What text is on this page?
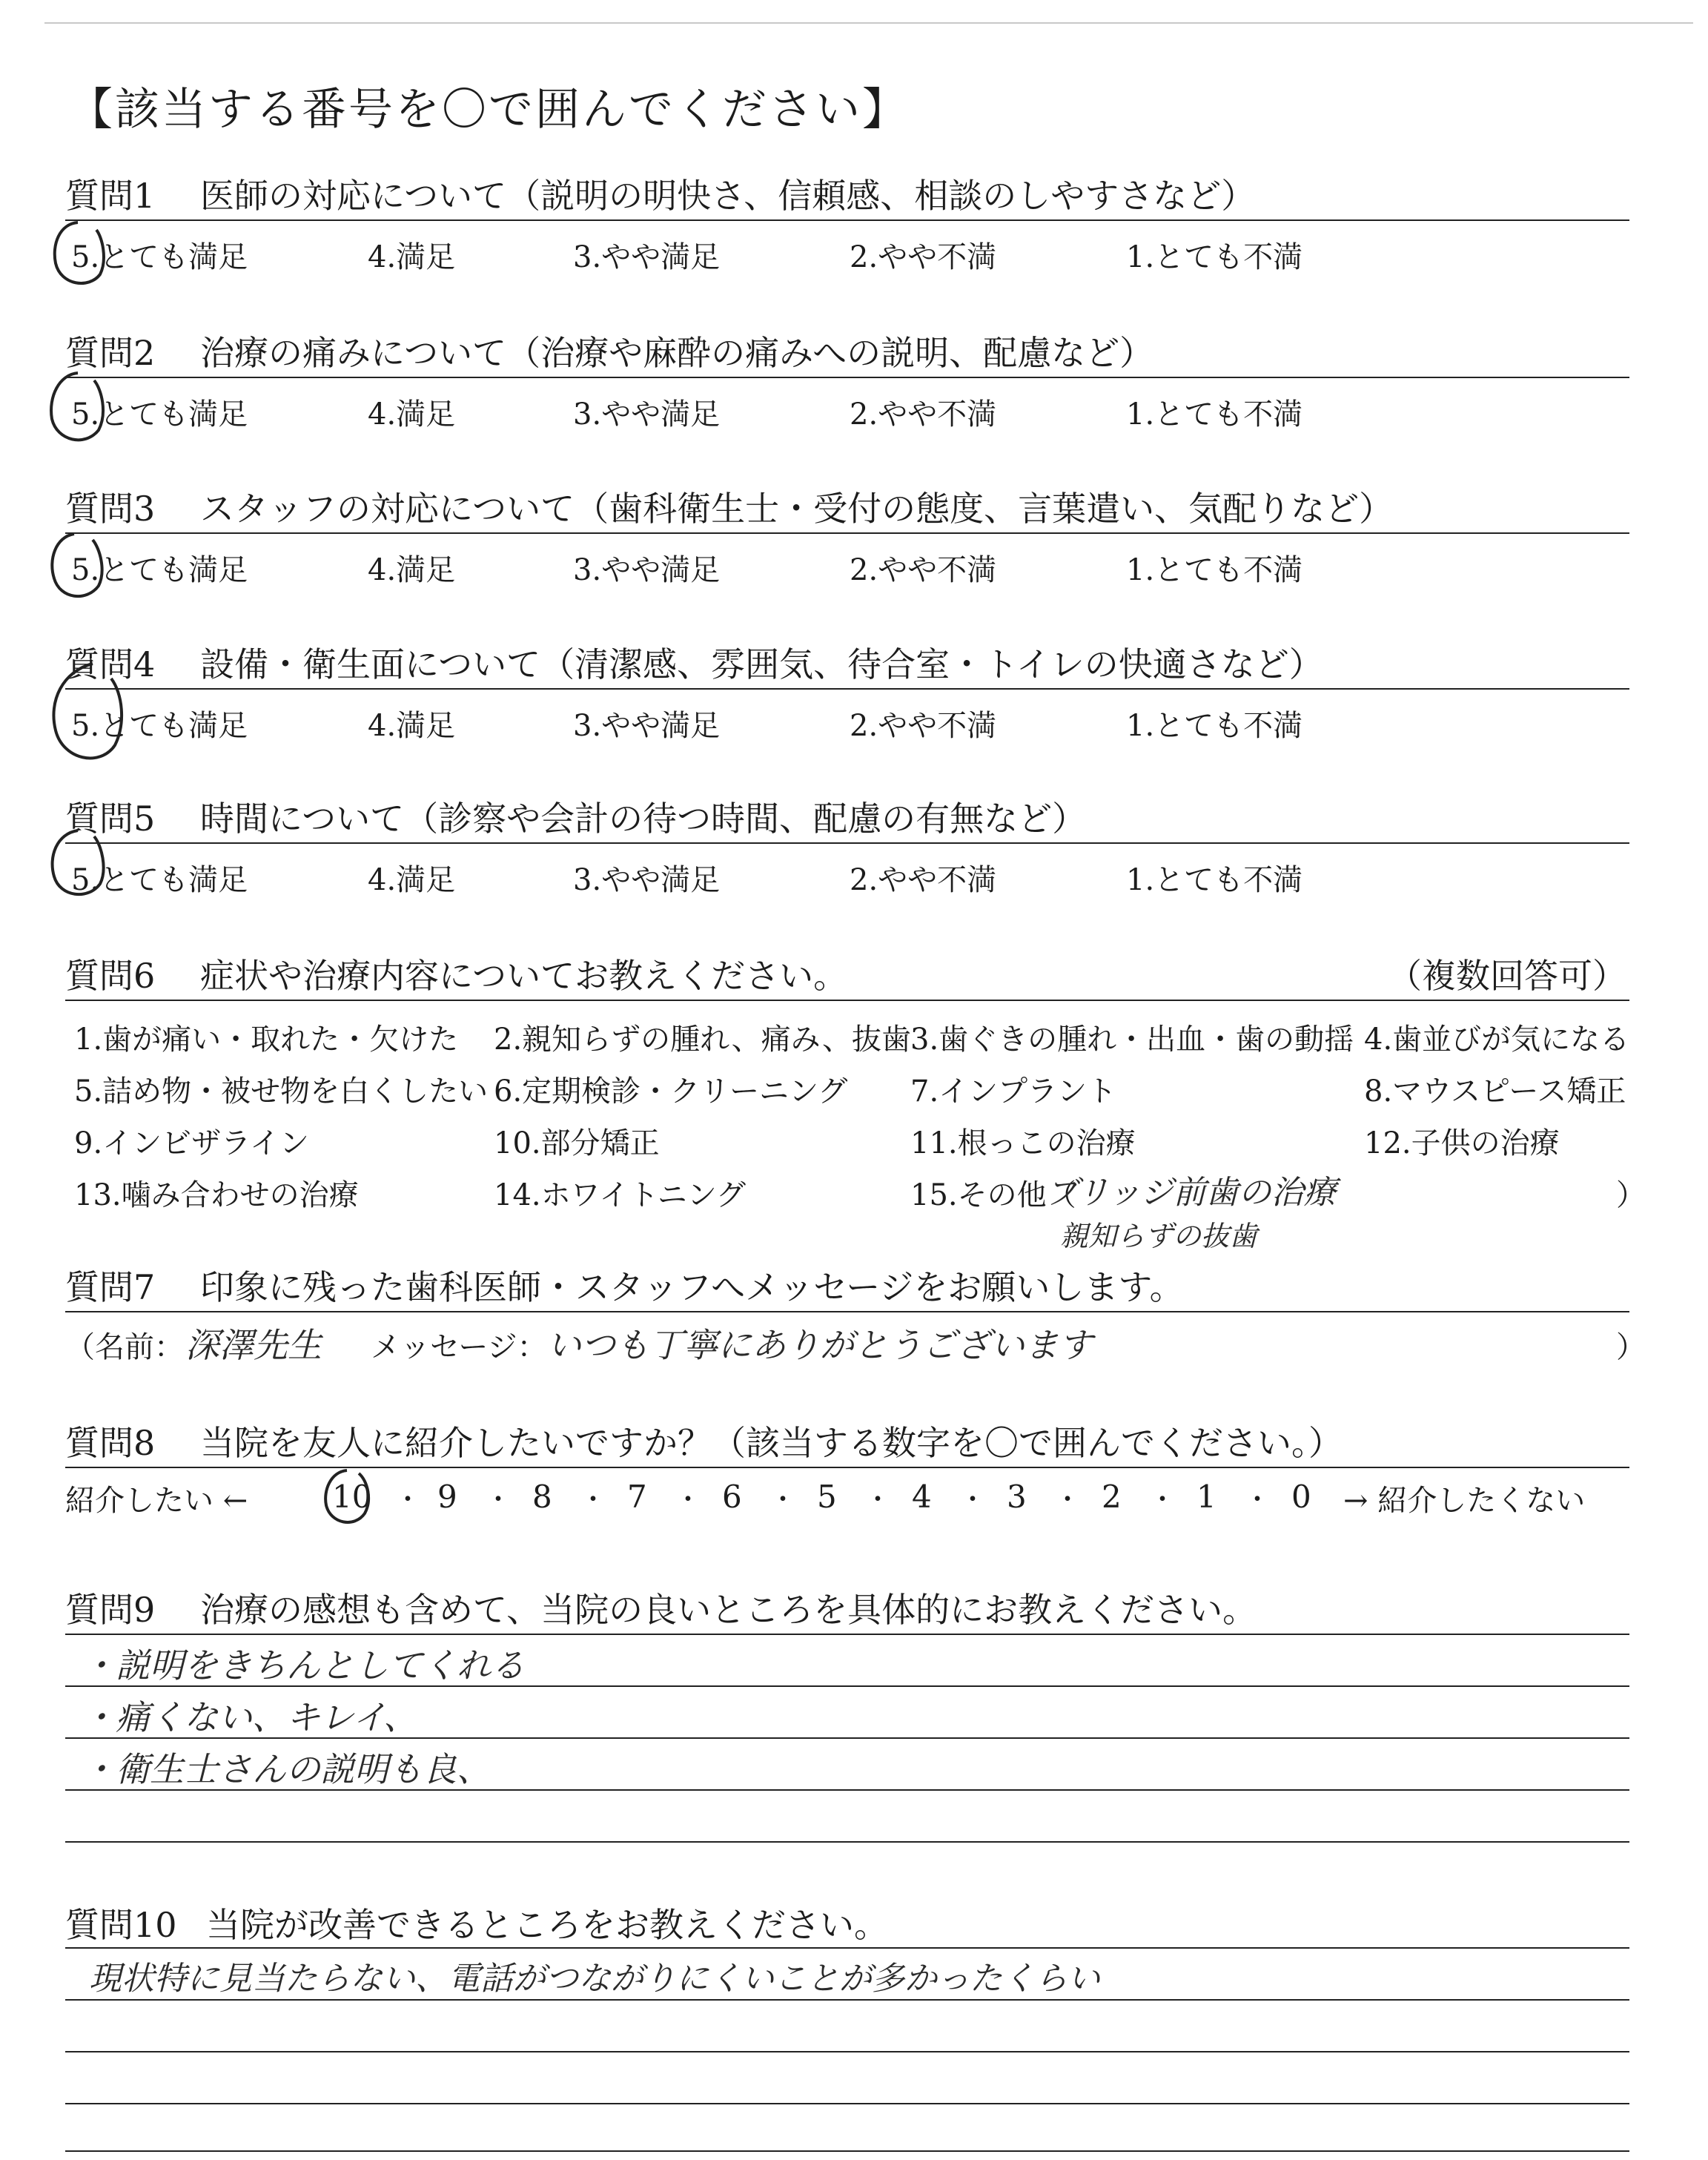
【該当する番号を〇で囲んでください】
質問1 医師の対応について（説明の明快さ、信頼感、相談のしやすさなど）
5.とても満足	4.満足	3.やや満足	2.やや不満	1.とても不満
質問2 治療の痛みについて（治療や麻酔の痛みへの説明、配慮など）
5.とても満足	4.満足	3.やや満足	2.やや不満	1.とても不満
質問3 スタッフの対応について（歯科衛生士・受付の態度、言葉遣い、気配りなど）
5.とても満足	4.満足	3.やや満足	2.やや不満	1.とても不満
質問4 設備・衛生面について（清潔感、雰囲気、待合室・トイレの快適さなど）
5.とても満足	4.満足	3.やや満足	2.やや不満	1.とても不満
質問5 時間について（診察や会計の待つ時間、配慮の有無など）
5.とても満足	4.満足	3.やや満足	2.やや不満	1.とても不満
質問6 症状や治療内容についてお教えください。	（複数回答可）
1.歯が痛い・取れた・欠けた 2.親知らずの腫れ、痛み、抜歯 3.歯ぐきの腫れ・出血・歯の動揺 4.歯並びが気になる
5.詰め物・被せ物を白くしたい 6.定期検診・クリーニング 7.インプラント	8.マウスピース矯正
9.インビザライン	10.部分矯正	11.根っこの治療	12.子供の治療
13.噛み合わせの治療	14.ホワイトニング	15.その他（
ブリッジ前歯の治療	）
親知らずの抜歯
質問7 印象に残った歯科医師・スタッフへメッセージをお願いします。
（名前： 深澤先生 メッセージ： いつも丁寧にありがとうございます	）
質問8 当院を友人に紹介したいですか？（該当する数字を〇で囲んでください。）
紹介したい ←	10 ・ 9 ・ 8 ・ 7 ・ 6 ・ 5 ・ 4 ・ 3 ・ 2 ・ 1 ・ 0 → 紹介したくない
質問9 治療の感想も含めて、当院の良いところを具体的にお教えください。
・説明をきちんとしてくれる
・痛くない、キレイ、
・衛生士さんの説明も良、
質問10 当院が改善できるところをお教えください。
現状特に見当たらない、電話がつながりにくいことが多かったくらい
